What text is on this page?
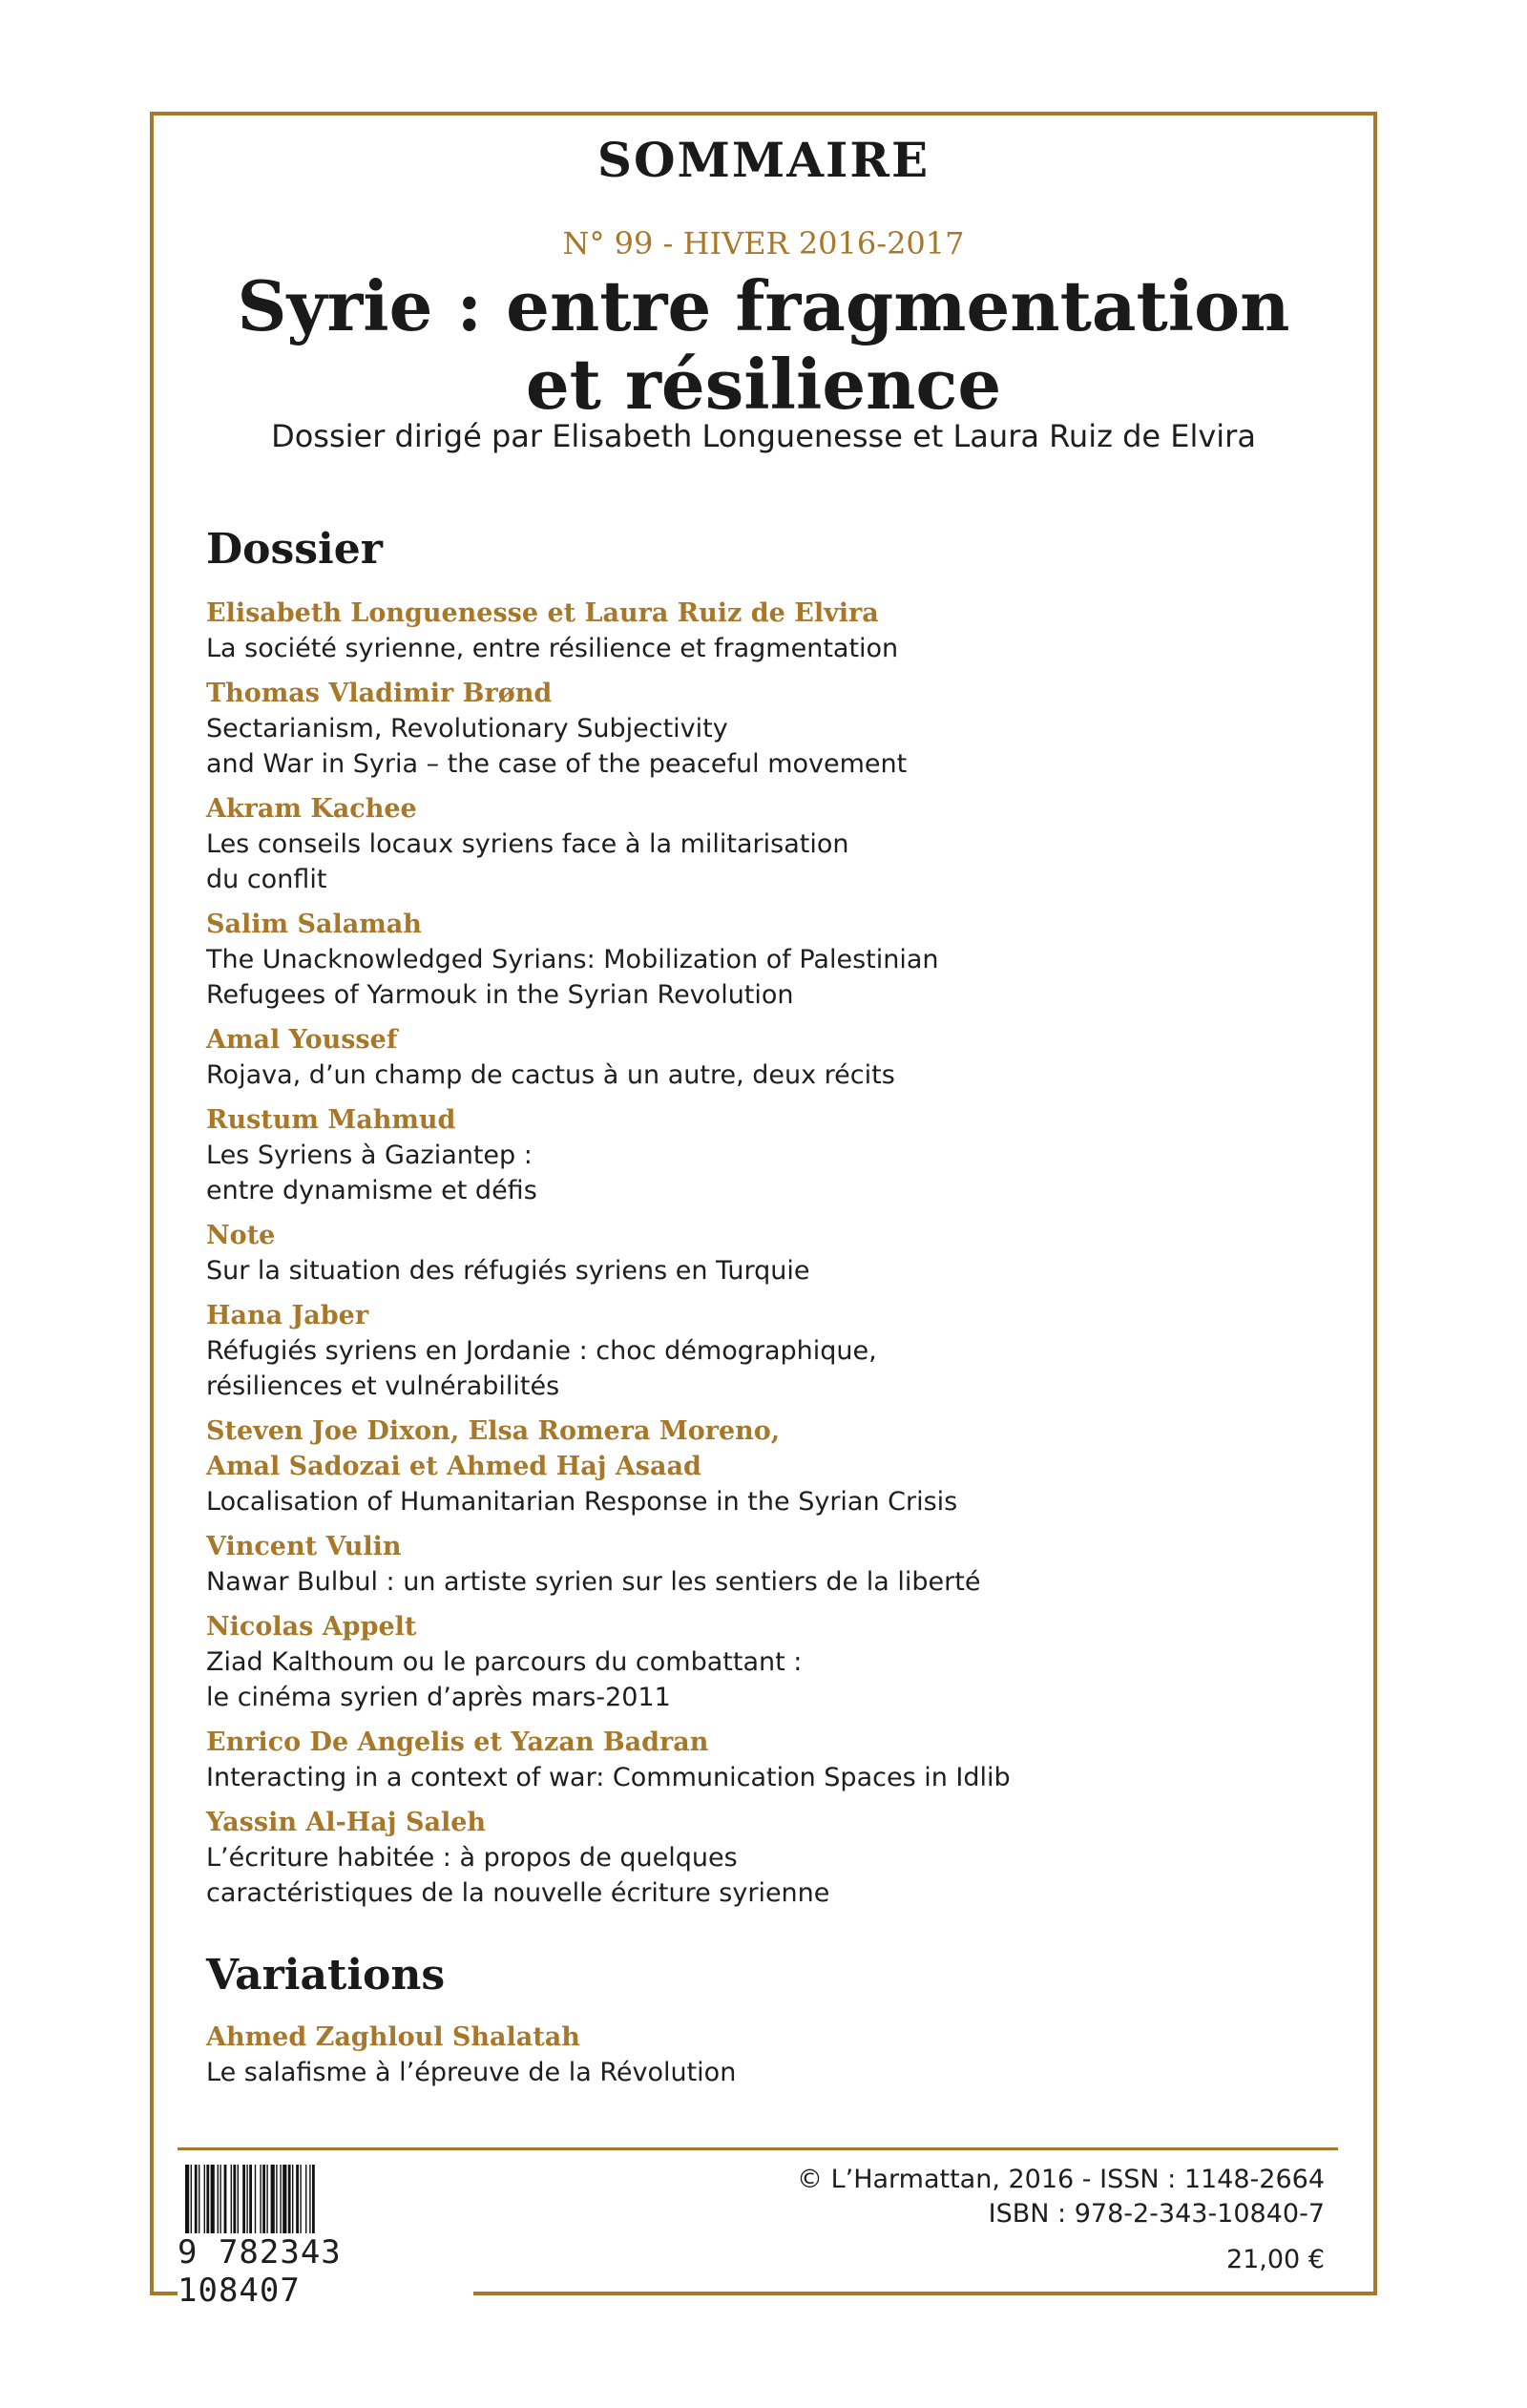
SOMMAIRE
N° 99 - HIVER 2016-2017
Syrie : entre fragmentation
et résilience
Dossier dirigé par Elisabeth Longuenesse et Laura Ruiz de Elvira
Dossier
Elisabeth Longuenesse et Laura Ruiz de Elvira
La société syrienne, entre résilience et fragmentation
Thomas Vladimir Brønd
Sectarianism, Revolutionary Subjectivity
and War in Syria – the case of the peaceful movement
Akram Kachee
Les conseils locaux syriens face à la militarisation
du conflit
Salim Salamah
The Unacknowledged Syrians: Mobilization of Palestinian
Refugees of Yarmouk in the Syrian Revolution
Amal Youssef
Rojava, d’un champ de cactus à un autre, deux récits
Rustum Mahmud
Les Syriens à Gaziantep :
entre dynamisme et défis
Note
Sur la situation des réfugiés syriens en Turquie
Hana Jaber
Réfugiés syriens en Jordanie : choc démographique,
résiliences et vulnérabilités
Steven Joe Dixon, Elsa Romera Moreno,
Amal Sadozai et Ahmed Haj Asaad
Localisation of Humanitarian Response in the Syrian Crisis
Vincent Vulin
Nawar Bulbul : un artiste syrien sur les sentiers de la liberté
Nicolas Appelt
Ziad Kalthoum ou le parcours du combattant :
le cinéma syrien d’après mars-2011
Enrico De Angelis et Yazan Badran
Interacting in a context of war: Communication Spaces in Idlib
Yassin Al-Haj Saleh
L’écriture habitée : à propos de quelques
caractéristiques de la nouvelle écriture syrienne
Variations
Ahmed Zaghloul Shalatah
Le salafisme à l’épreuve de la Révolution
9 782343 108407
© L’Harmattan, 2016 - ISSN : 1148-2664
ISBN : 978-2-343-10840-7
21,00 €
